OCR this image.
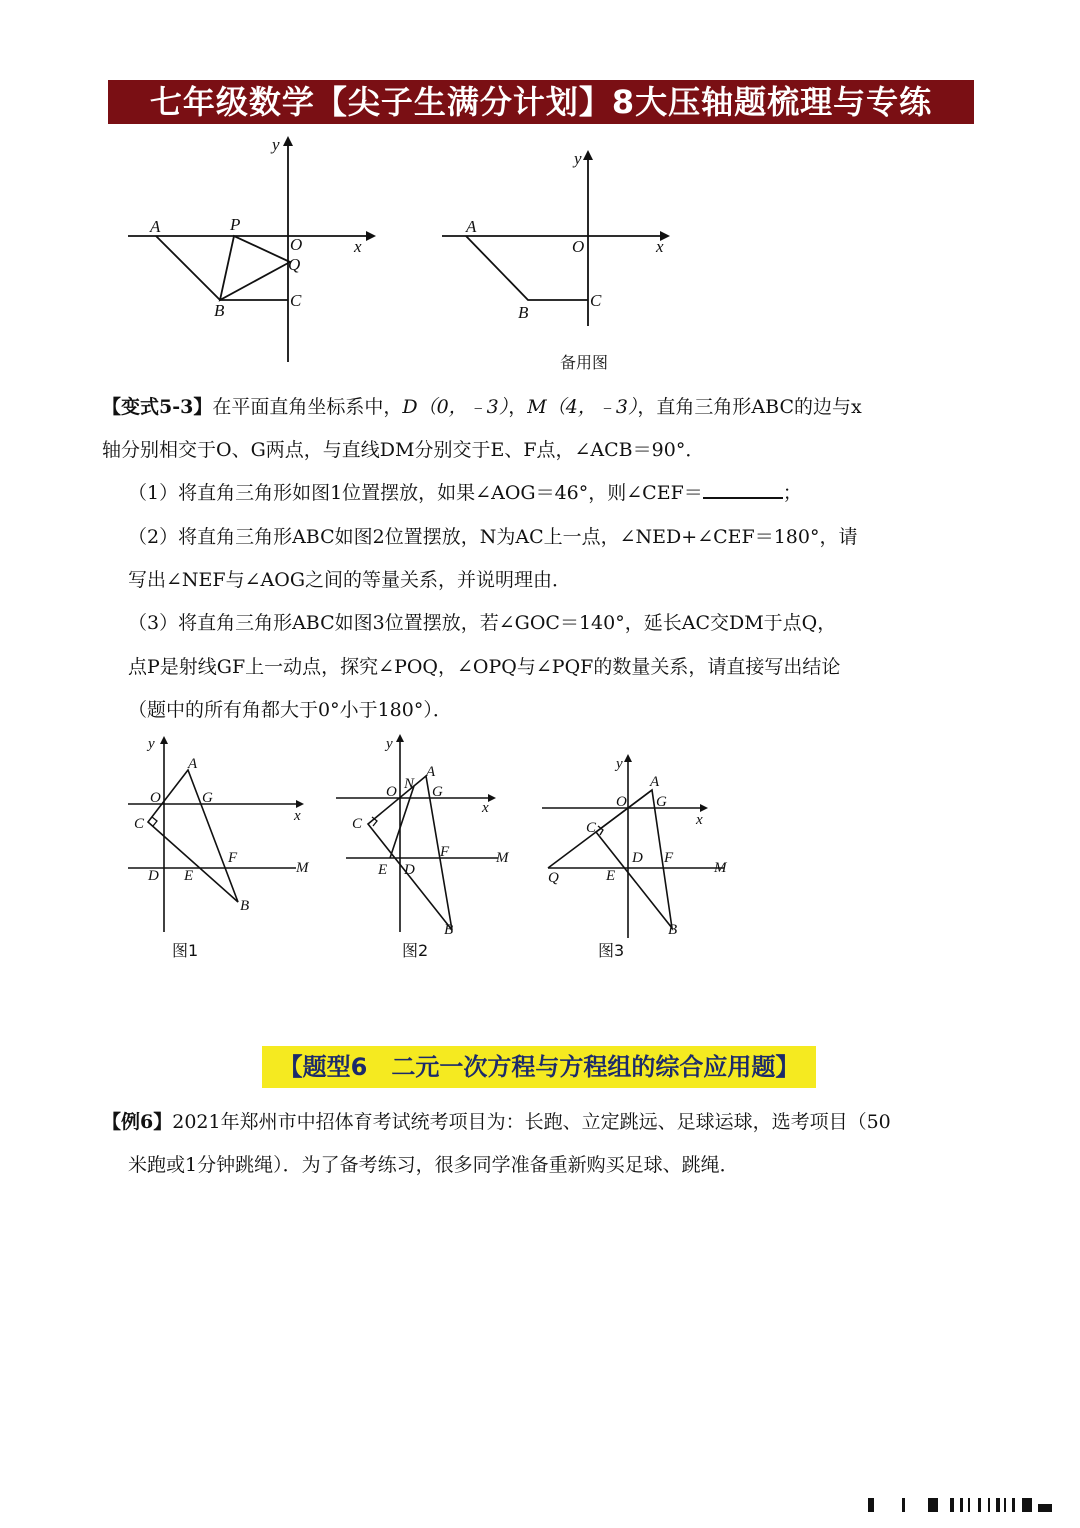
七年级数学【尖子生满分计划】8大压轴题梳理与专练
y
x
A	P
O
Q
B
C
y
x
A
O
B
C
备用图
【变式5-3】在平面直角坐标系中，D（0，﹣3），M（4，﹣3），直角三角形ABC的边与x
轴分别相交于O、G两点，与直线DM分别交于E、F点，∠ACB＝90°．
（1）将直角三角形如图1位置摆放，如果∠AOG＝46°，则∠CEF＝	；
（2）将直角三角形ABC如图2位置摆放，N为AC上一点，∠NED+∠CEF＝180°，请
写出∠NEF与∠AOG之间的等量关系，并说明理由．
（3）将直角三角形ABC如图3位置摆放，若∠GOC＝140°，延长AC交DM于点Q，
点P是射线GF上一动点，探究∠POQ，∠OPQ与∠PQF的数量关系，请直接写出结论
（题中的所有角都大于0°小于180°）．
y
x
A
O	G
C
F
M
D E
B
图1
y
x
N
A
O G
C
F	M
E D
B
图2
y
x
A
O G
C
D F
M
Q	E
B
图3
【题型6　二元一次方程与方程组的综合应用题】
【例6】2021年郑州市中招体育考试统考项目为：长跑、立定跳远、足球运球，选考项目（50
米跑或1分钟跳绳）．为了备考练习，很多同学准备重新购买足球、跳绳．
